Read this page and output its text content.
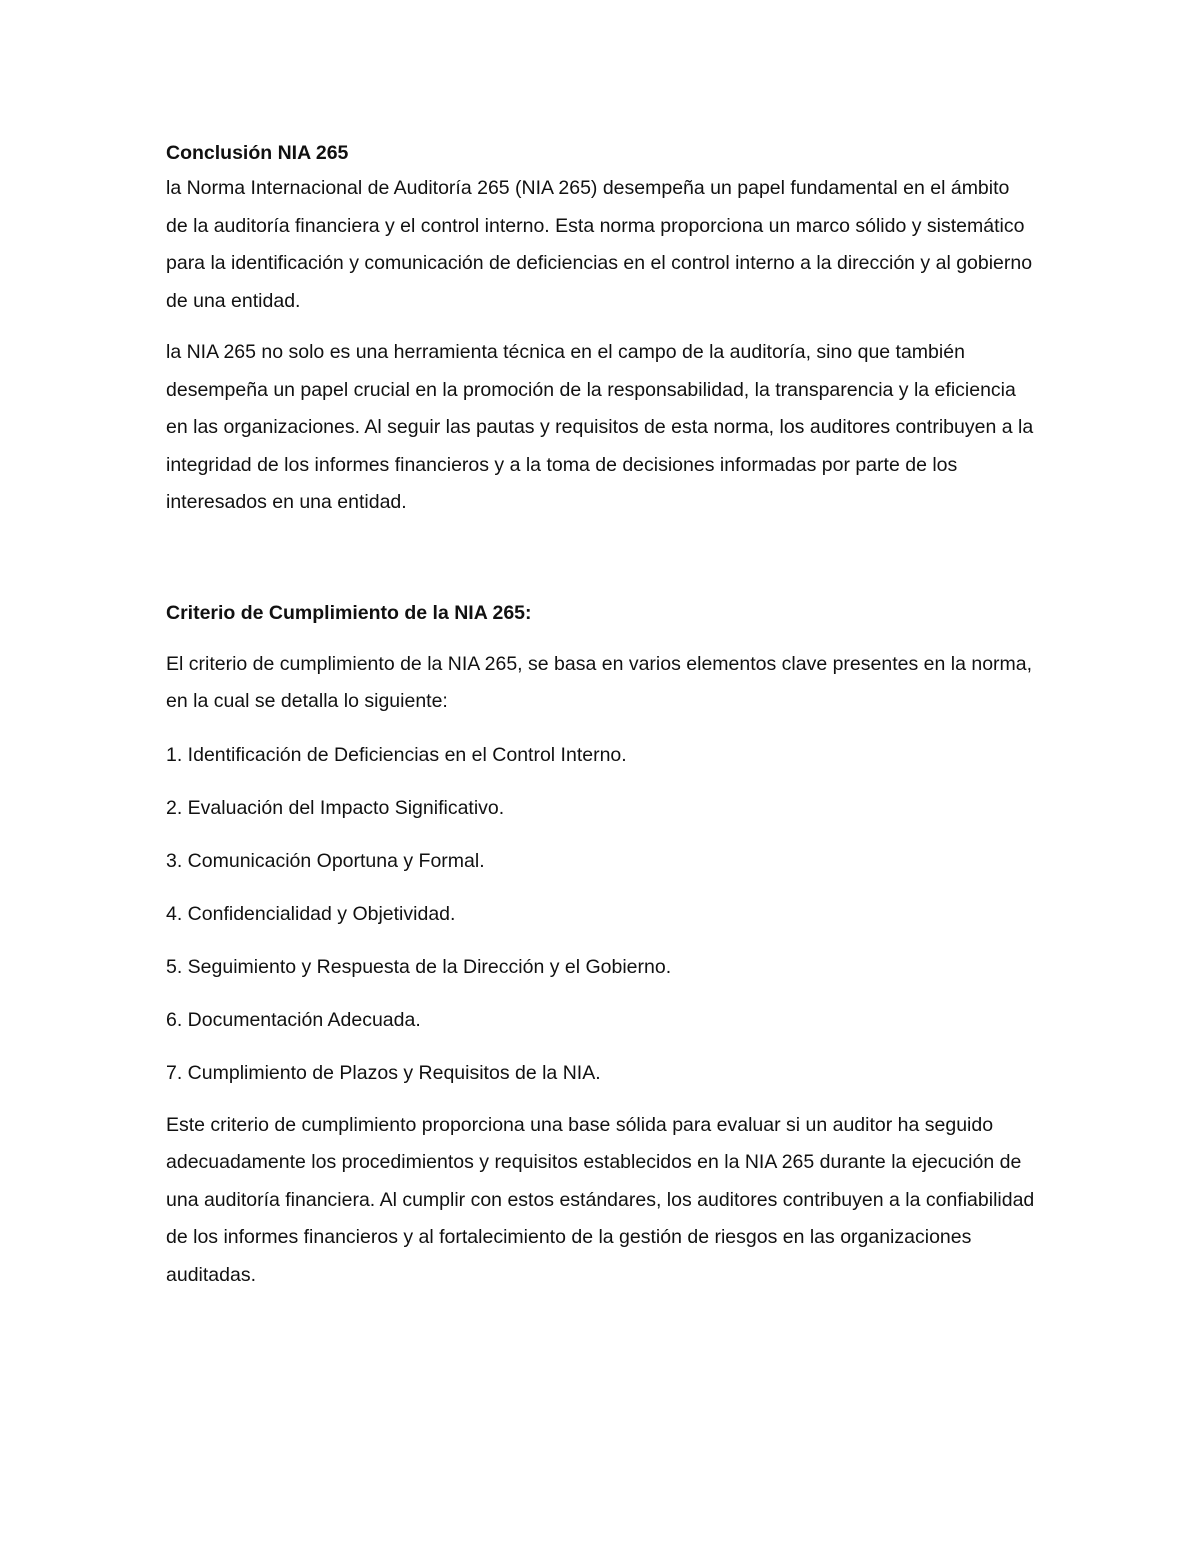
Conclusión NIA 265

la Norma Internacional de Auditoría 265 (NIA 265) desempeña un papel fundamental en el ámbito de la auditoría financiera y el control interno. Esta norma proporciona un marco sólido y sistemático para la identificación y comunicación de deficiencias en el control interno a la dirección y al gobierno de una entidad.

la NIA 265 no solo es una herramienta técnica en el campo de la auditoría, sino que también desempeña un papel crucial en la promoción de la responsabilidad, la transparencia y la eficiencia en las organizaciones. Al seguir las pautas y requisitos de esta norma, los auditores contribuyen a la integridad de los informes financieros y a la toma de decisiones informadas por parte de los interesados en una entidad.

Criterio de Cumplimiento de la NIA 265:

El criterio de cumplimiento de la NIA 265, se basa en varios elementos clave presentes en la norma, en la cual se detalla lo siguiente:

1. Identificación de Deficiencias en el Control Interno.
2. Evaluación del Impacto Significativo.
3. Comunicación Oportuna y Formal.
4. Confidencialidad y Objetividad.
5. Seguimiento y Respuesta de la Dirección y el Gobierno.
6. Documentación Adecuada.
7. Cumplimiento de Plazos y Requisitos de la NIA.

Este criterio de cumplimiento proporciona una base sólida para evaluar si un auditor ha seguido adecuadamente los procedimientos y requisitos establecidos en la NIA 265 durante la ejecución de una auditoría financiera. Al cumplir con estos estándares, los auditores contribuyen a la confiabilidad de los informes financieros y al fortalecimiento de la gestión de riesgos en las organizaciones auditadas.
